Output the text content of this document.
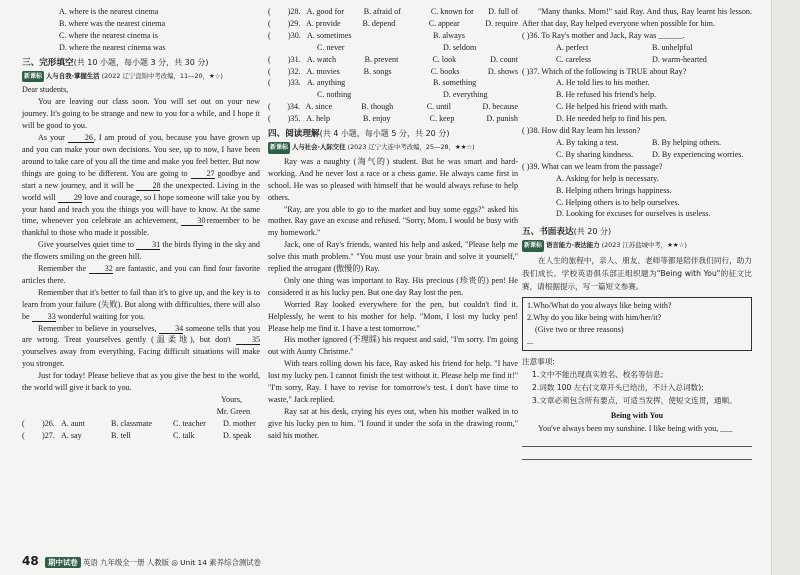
A. where is the nearest cinema
B. where was the nearest cinema
C. where the nearest cinema is
D. where the nearest cinema was
三、完形填空(共 10 小题，每小题 3 分，共 30 分)
新课标 人与自我·掌握生活 (2022 辽宁盘锦中考改编，11—20，★☆)

Dear students,

You are leaving our class soon. You will set out on your new journey. It's going to be strange and new to you for a while, and I hope it will be good to you.

As your 26, I am proud of you, because you have grown up and you can make your own decisions. You see, up to now, I have been around to take care of you all the time and make you feel better. But now things are going to be different. You are going to 27 goodbye and start a new journey, and it will be 28 the unexpected. Living in the world will 29 love and courage, so I hope someone will take you by your hand and teach you the things you will have to know. At the same time, whenever you celebrate an achievement, 30 remember to be thankful to those who made it possible.

Give yourselves quiet time to 31 the birds flying in the sky and the flowers smiling on the green hill.

Remember the 32 are fantastic, and you can find four favorite articles there.

Remember that it's better to fail than it's to give up, and the key is to learn from your failure (失败). But along with difficulties, there will also be 33 wonderful waiting for you.

Remember to believe in yourselves, 34 someone tells that you are wrong. Treat yourselves gently (温柔地), but don't	35 yourselves away from everything. Facing difficult situations will make you stronger.

Just for today! Please believe that as you give the best to the world, the world will give it back to you.

Yours,

Mr. Green

(	)26. A. aunt	B. classmate	C. teacher	D. mother
(	)27. A. say	B. tell	C. talk	D. speak
(	)28. A. good for	B. afraid of	C. known for	D. full of
(	)29. A. provide	B. depend	C. appear	D. require
(	)30. A. sometimes	B. always
C. never	D. seldom
(	)31. A. watch	B. prevent	C. look	D. count
(	)32. A. movies	B. songs	C. books	D. shows
(	)33. A. anything	B. something
C. nothing	D. everything
(	)34. A. since	B. though	C. until	D. because
(	)35. A. help	B. enjoy	C. keep	D. punish
四、阅读理解(共 4 小题，每小题 5 分，共 20 分)
新课标 人与社会·人际交往 (2023 辽宁大连中考改编，25—28，★★☆)

Ray was a naughty (淘气的) student. But he was smart and hard-working. And he never lost a race or a chess game. He always came first in school. He was so pleased with himself that he would always refuse to help others.

"Ray, are you able to go to the market and buy some eggs?" asked his mother. Ray gave an excuse and refused. "Sorry, Mom. I would be busy with my homework."

Jack, one of Ray's friends, wanted his help and asked, "Please help me solve this math problem." "You must use your brain and solve it yourself," replied the arrogant (傲慢的) Ray.

Only one thing was important to Ray. His precious (珍贵的) pen! He considered it as his lucky pen. But one day Ray lost the pen.

Worried Ray looked everywhere for the pen, but couldn't find it. Helplessly, he went to his mother for help. "Mom, I lost my lucky pen! Please help me find it. I have a test tomorrow."

His mother ignored (不理睬) his request and said, "I'm sorry. I'm going out with Aunty Christme."

With tears rolling down his face, Ray asked his friend for help. "I have lost my lucky pen. I cannot finish the test without it. Please help me find it!" "I'm sorry, Ray. I have to revise for tomorrow's test. I don't have time to waste," Jack replied.

Ray sat at his desk, crying his eyes out, when his mother walked in to give his lucky pen to him. "I found it under the sofa in the drawing room," said his mother.

"Many thanks. Mom!" said Ray. And thus, Ray learnt his lesson. After that day, Ray helped everyone when possible for him.

( )36. To Ray's mother and Jack, Ray was ______.
A. perfect	B. unhelpful
C. careless	D. warm-hearted
( )37. Which of the following is TRUE about Ray?
A. He told lies to his mother.
B. He refused his friend's help.
C. He helped his friend with math.
D. He needed help to find his pen.
( )38. How did Ray learn his lesson?
A. By taking a test.	B. By helping others.
C. By sharing kindness.	D. By experiencing worries.
( )39. What can we learn from the passage?
A. Asking for help is necessary.
B. Helping others brings happiness.
C. Helping others is to help ourselves.
D. Looking for excuses for ourselves is useless.
五、书面表达(共 20 分)
新课标 语言能力·表达能力 (2023 江苏盐城中考，★★☆)

在人生的旅程中，亲人、朋友、老师等都是陪伴我们同行，助力我们成长。学校英语俱乐部正组织题为"Being with You"的征文比赛，请根据提示，写一篇短文参赛。

1.Who/What do you always like being with?
2.Why do you like being with him/her/it?
(Give two or three reasons)
...
注意事项:
1.文中不能出现真实姓名、校名等信息;
2.词数 100 左右(文章开头已给出，不计入总词数);
3.文章必须包含所有要点，可适当发挥，使短文连贯，通顺。
Being with You

You've always been my sunshine. I like being with you, ___

48 期中试卷 英语 九年级全一册 人教版 ◎ Unit 14 素养综合测试卷
